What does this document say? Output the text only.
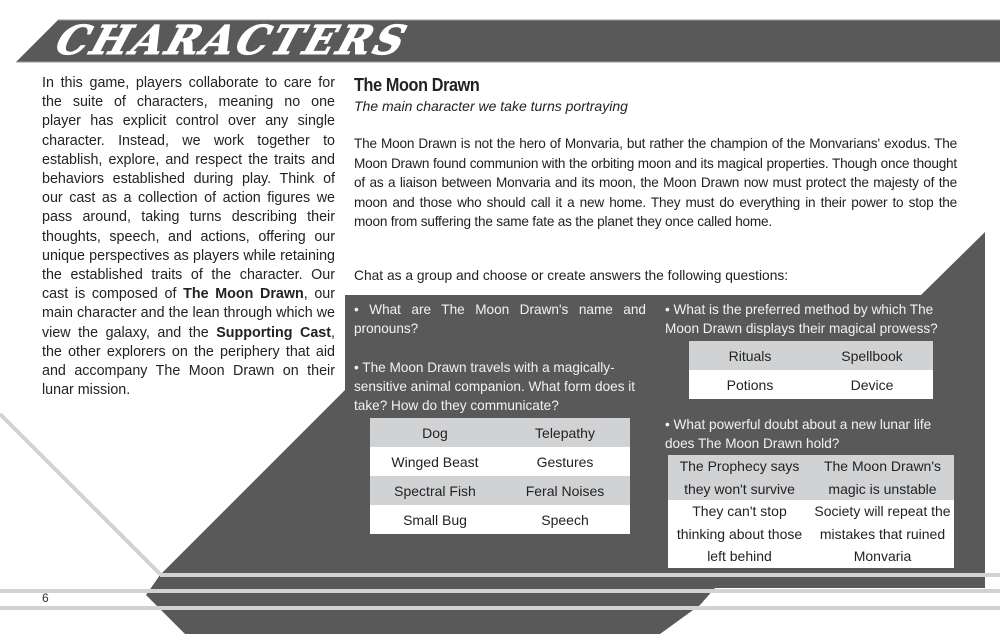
CHARACTERS
In this game, players collaborate to care for the suite of characters, meaning no one player has explicit control over any single character. Instead, we work together to establish, explore, and respect the traits and behaviors established during play. Think of our cast as a collection of action figures we pass around, taking turns describing their thoughts, speech, and actions, offering our unique perspectives as players while retaining the established traits of the character. Our cast is composed of The Moon Drawn, our main character and the lean through which we view the galaxy, and the Supporting Cast, the other explorers on the periphery that aid and accompany The Moon Drawn on their lunar mission.
The Moon Drawn
The main character we take turns portraying
The Moon Drawn is not the hero of Monvaria, but rather the champion of the Monvarians' exodus. The Moon Drawn found communion with the orbiting moon and its magical properties. Though once thought of as a liaison between Monvaria and its moon, the Moon Drawn now must protect the majesty of the moon and those who should call it a new home. They must do everything in their power to stop the moon from suffering the same fate as the planet they once called home.
Chat as a group and choose or create answers the following questions:
• What are The Moon Drawn's name and pronouns?
• The Moon Drawn travels with a magically-sensitive animal companion. What form does it take? How do they communicate?
Dog	Telepathy
Winged Beast	Gestures
Spectral Fish	Feral Noises
Small Bug	Speech
• What is the preferred method by which The Moon Drawn displays their magical prowess?
Rituals	Spellbook
Potions	Device
• What powerful doubt about a new lunar life does The Moon Drawn hold?
The Prophecy says they won't survive	The Moon Drawn's magic is unstable
They can't stop thinking about those left behind	Society will repeat the mistakes that ruined Monvaria
6
